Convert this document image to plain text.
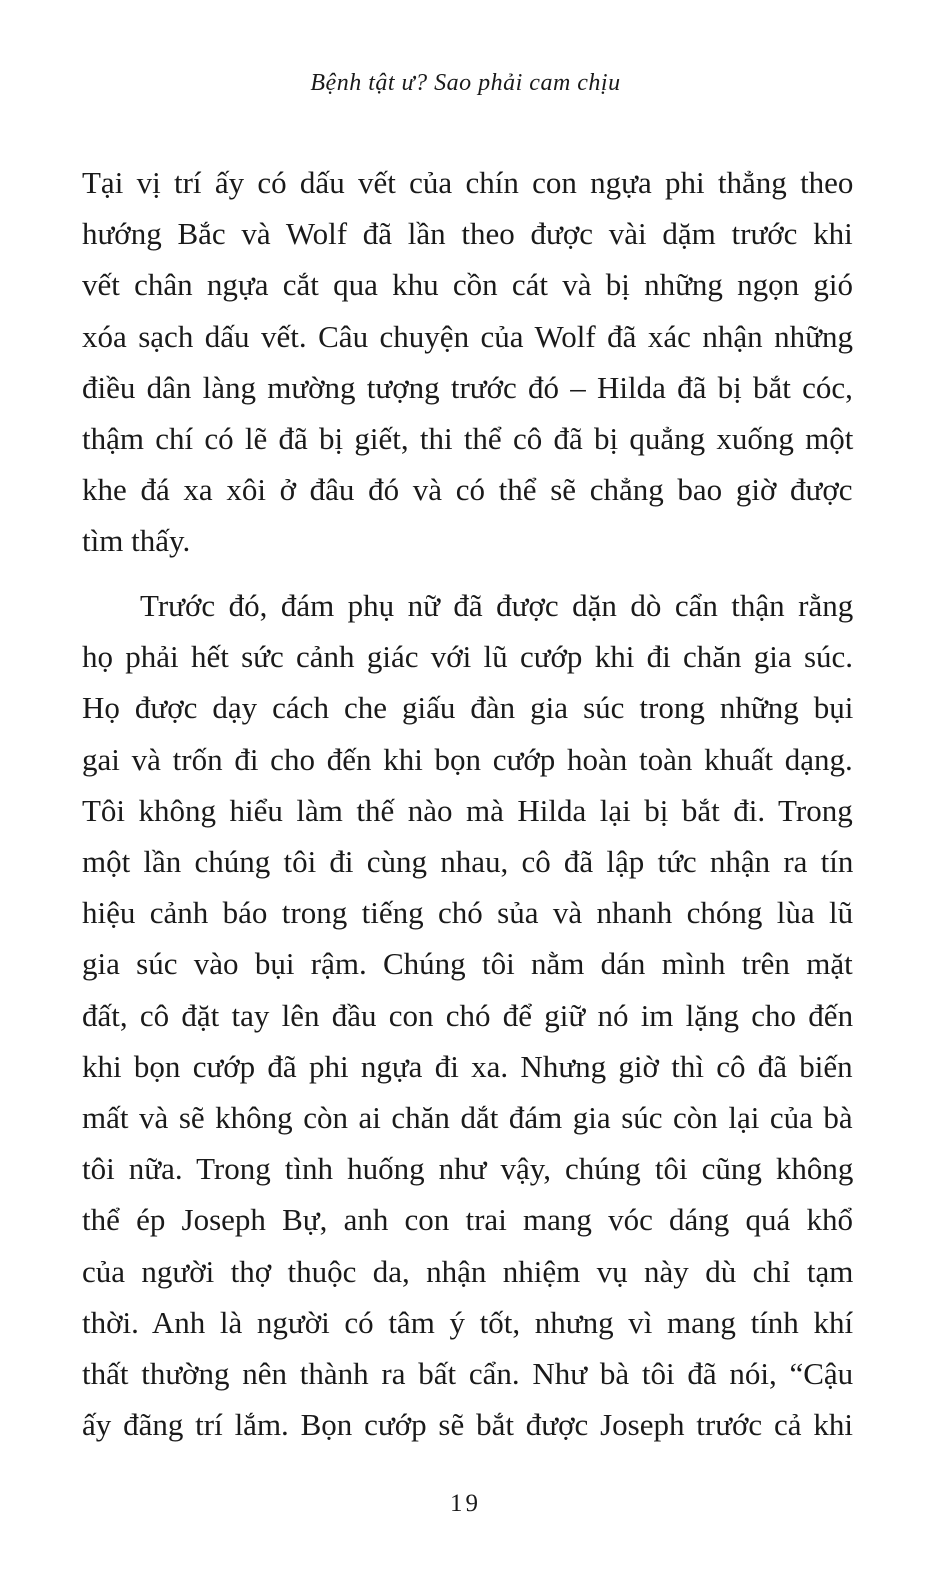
Bệnh tật ư? Sao phải cam chịu
Tại vị trí ấy có dấu vết của chín con ngựa phi thẳng theo
hướng Bắc và Wolf đã lần theo được vài dặm trước khi
vết chân ngựa cắt qua khu cồn cát và bị những ngọn gió
xóa sạch dấu vết. Câu chuyện của Wolf đã xác nhận những
điều dân làng mường tượng trước đó – Hilda đã bị bắt cóc,
thậm chí có lẽ đã bị giết, thi thể cô đã bị quẳng xuống một
khe đá xa xôi ở đâu đó và có thể sẽ chẳng bao giờ được
tìm thấy.
Trước đó, đám phụ nữ đã được dặn dò cẩn thận rằng
họ phải hết sức cảnh giác với lũ cướp khi đi chăn gia súc.
Họ được dạy cách che giấu đàn gia súc trong những bụi
gai và trốn đi cho đến khi bọn cướp hoàn toàn khuất dạng.
Tôi không hiểu làm thế nào mà Hilda lại bị bắt đi. Trong
một lần chúng tôi đi cùng nhau, cô đã lập tức nhận ra tín
hiệu cảnh báo trong tiếng chó sủa và nhanh chóng lùa lũ
gia súc vào bụi rậm. Chúng tôi nằm dán mình trên mặt
đất, cô đặt tay lên đầu con chó để giữ nó im lặng cho đến
khi bọn cướp đã phi ngựa đi xa. Nhưng giờ thì cô đã biến
mất và sẽ không còn ai chăn dắt đám gia súc còn lại của bà
tôi nữa. Trong tình huống như vậy, chúng tôi cũng không
thể ép Joseph Bự, anh con trai mang vóc dáng quá khổ
của người thợ thuộc da, nhận nhiệm vụ này dù chỉ tạm
thời. Anh là người có tâm ý tốt, nhưng vì mang tính khí
thất thường nên thành ra bất cẩn. Như bà tôi đã nói, “Cậu
ấy đãng trí lắm. Bọn cướp sẽ bắt được Joseph trước cả khi
19
